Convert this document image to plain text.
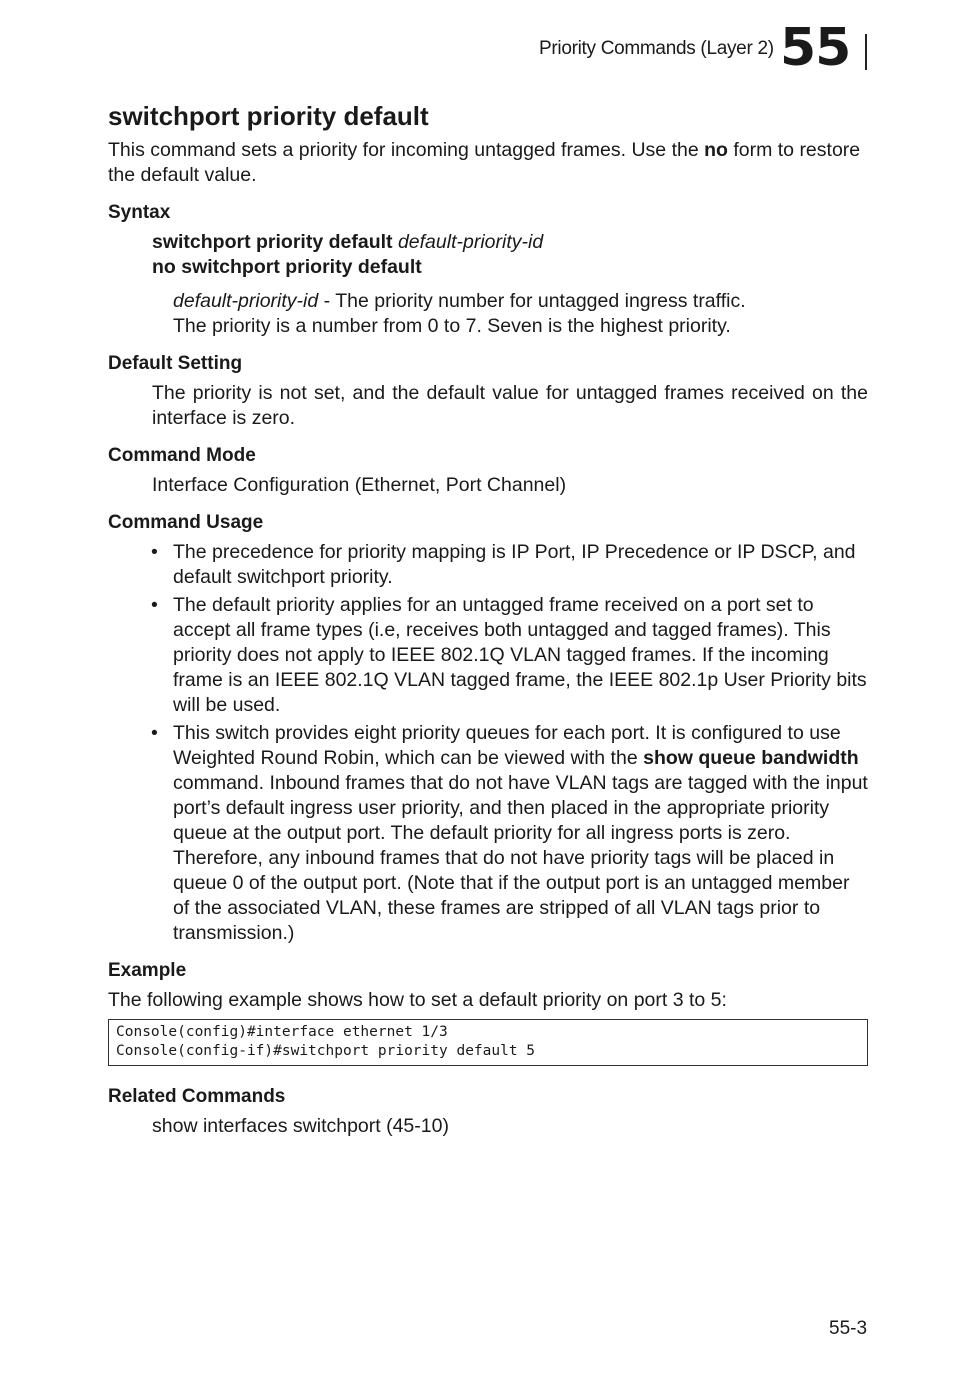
Priority Commands (Layer 2) 55
switchport priority default

This command sets a priority for incoming untagged frames. Use the no form to restore the default value.

Syntax
switchport priority default default-priority-id
no switchport priority default
default-priority-id - The priority number for untagged ingress traffic.
The priority is a number from 0 to 7. Seven is the highest priority.
Default Setting

The priority is not set, and the default value for untagged frames received on the interface is zero.

Command Mode

Interface Configuration (Ethernet, Port Channel)

Command Usage
• The precedence for priority mapping is IP Port, IP Precedence or IP DSCP, and default switchport priority.
• The default priority applies for an untagged frame received on a port set to accept all frame types (i.e, receives both untagged and tagged frames). This priority does not apply to IEEE 802.1Q VLAN tagged frames. If the incoming frame is an IEEE 802.1Q VLAN tagged frame, the IEEE 802.1p User Priority bits will be used.
• This switch provides eight priority queues for each port. It is configured to use Weighted Round Robin, which can be viewed with the show queue bandwidth command. Inbound frames that do not have VLAN tags are tagged with the input port’s default ingress user priority, and then placed in the appropriate priority queue at the output port. The default priority for all ingress ports is zero. Therefore, any inbound frames that do not have priority tags will be placed in queue 0 of the output port. (Note that if the output port is an untagged member of the associated VLAN, these frames are stripped of all VLAN tags prior to transmission.)
Example

The following example shows how to set a default priority on port 3 to 5:

Console(config)#interface ethernet 1/3
Console(config-if)#switchport priority default 5
Related Commands

show interfaces switchport (45-10)

55-3
